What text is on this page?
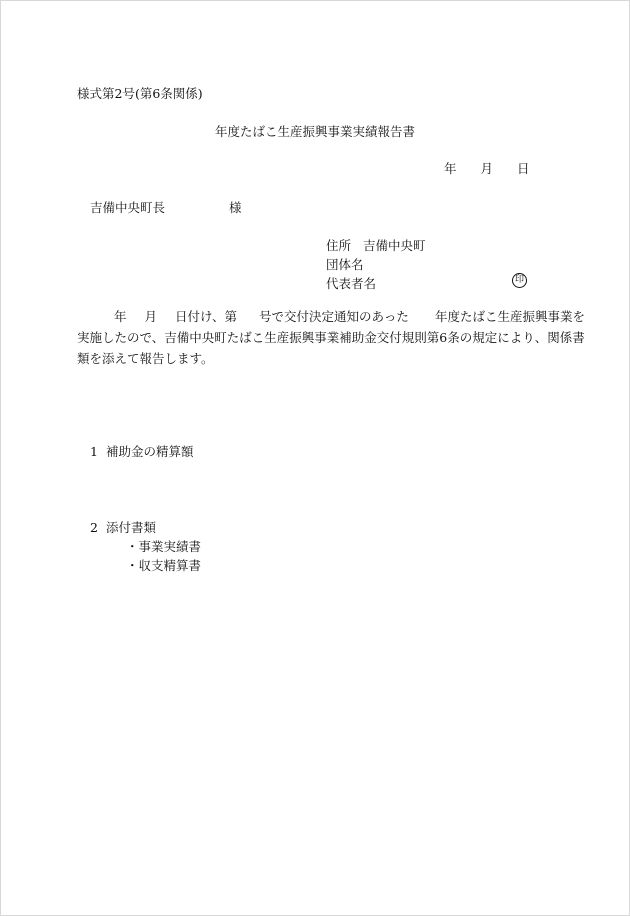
様式第2号(第6条関係)
年度たばこ生産振興事業実績報告書
年 月 日
吉備中央町長	様
住所 吉備中央町
団体名
代表者名	印
年 月 日付け、第 号で交付決定通知のあった 年度たばこ生産振興事業を
実施したので、吉備中央町たばこ生産振興事業補助金交付規則第6条の規定により、関係書
類を添えて報告します。
1 補助金の精算額
2 添付書類
・事業実績書
・収支精算書
